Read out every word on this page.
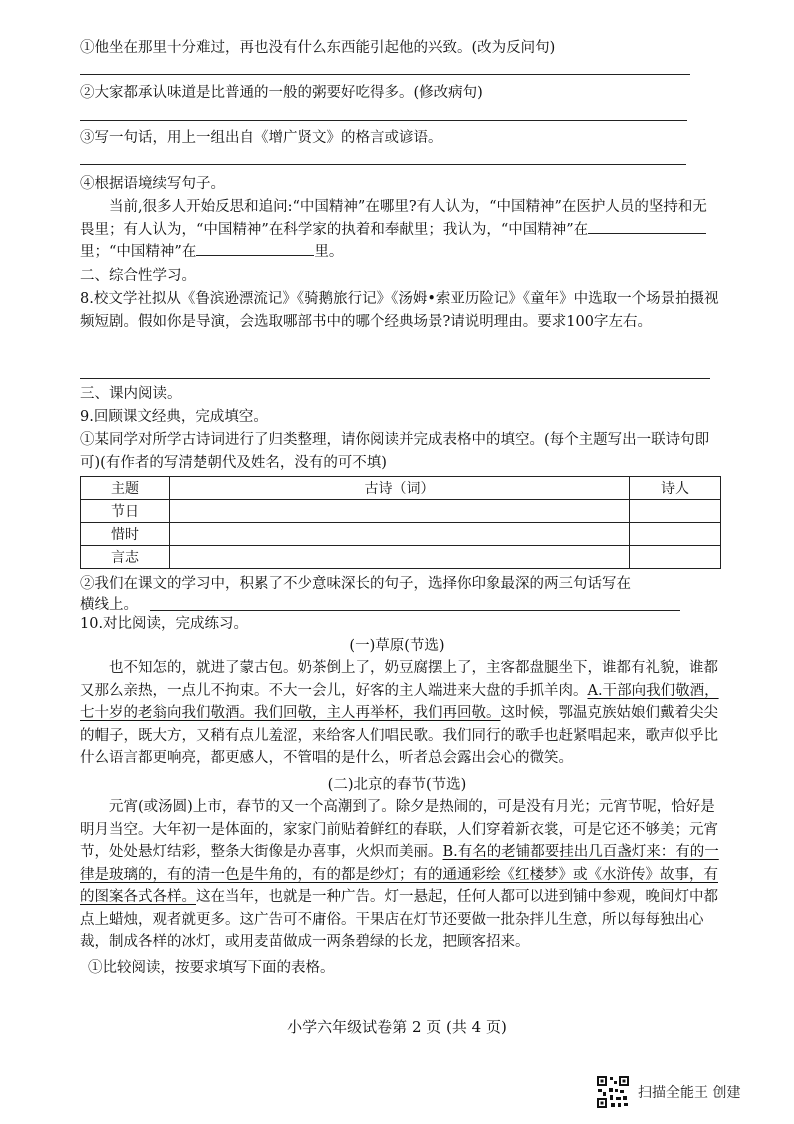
①他坐在那里十分难过，再也没有什么东西能引起他的兴致。(改为反问句)
②大家都承认味道是比普通的一般的粥要好吃得多。(修改病句)
③写一句话，用上一组出自《增广贤文》的格言或谚语。
④根据语境续写句子。
当前,很多人开始反思和追问:“中国精神”在哪里?有人认为，“中国精神”在医护人员的坚持和无畏里；有人认为，“中国精神”在科学家的执着和奉献里；我认为，“中国精神”在里；“中国精神”在	里。
二、综合性学习。
8.校文学社拟从《鲁滨逊漂流记》《骑鹅旅行记》《汤姆•索亚历险记》《童年》中选取一个场景拍摄视频短剧。假如你是导演，会选取哪部书中的哪个经典场景?请说明理由。要求100字左右。
三、课内阅读。
9.回顾课文经典，完成填空。
①某同学对所学古诗词进行了归类整理，请你阅读并完成表格中的填空。(每个主题写出一联诗句即可)(有作者的写清楚朝代及姓名，没有的可不填)
主题	古诗（词）	诗人
节日		
惜时		
言志		
②我们在课文的学习中，积累了不少意味深长的句子，选择你印象最深的两三句话写在
横线上。
10.对比阅读，完成练习。
(一)草原(节选)
也不知怎的，就进了蒙古包。奶茶倒上了，奶豆腐摆上了，主客都盘腿坐下，谁都有礼貌，谁都又那么亲热，一点儿不拘束。不大一会儿，好客的主人端进来大盘的手抓羊肉。A.干部向我们敬酒，七十岁的老翁向我们敬酒。我们回敬，主人再举杯，我们再回敬。这时候，鄂温克族姑娘们戴着尖尖的帽子，既大方，又稍有点儿羞涩，来给客人们唱民歌。我们同行的歌手也赶紧唱起来，歌声似乎比什么语言都更响亮，都更感人，不管唱的是什么，听者总会露出会心的微笑。
(二)北京的春节(节选)
元宵(或汤圆)上市，春节的又一个高潮到了。除夕是热闹的，可是没有月光；元宵节呢，恰好是明月当空。大年初一是体面的，家家门前贴着鲜红的春联，人们穿着新衣裳，可是它还不够美；元宵节，处处悬灯结彩，整条大街像是办喜事，火炽而美丽。B.有名的老铺都要挂出几百盏灯来：有的一律是玻璃的，有的清一色是牛角的，有的都是纱灯；有的通通彩绘《红楼梦》或《水浒传》故事，有的图案各式各样。这在当年，也就是一种广告。灯一悬起，任何人都可以进到铺中参观，晚间灯中都点上蜡烛，观者就更多。这广告可不庸俗。干果店在灯节还要做一批杂拌儿生意，所以每每独出心裁，制成各样的冰灯，或用麦苗做成一两条碧绿的长龙，把顾客招来。
①比较阅读，按要求填写下面的表格。
小学六年级试卷第 2 页 (共 4 页)
扫描全能王 创建
